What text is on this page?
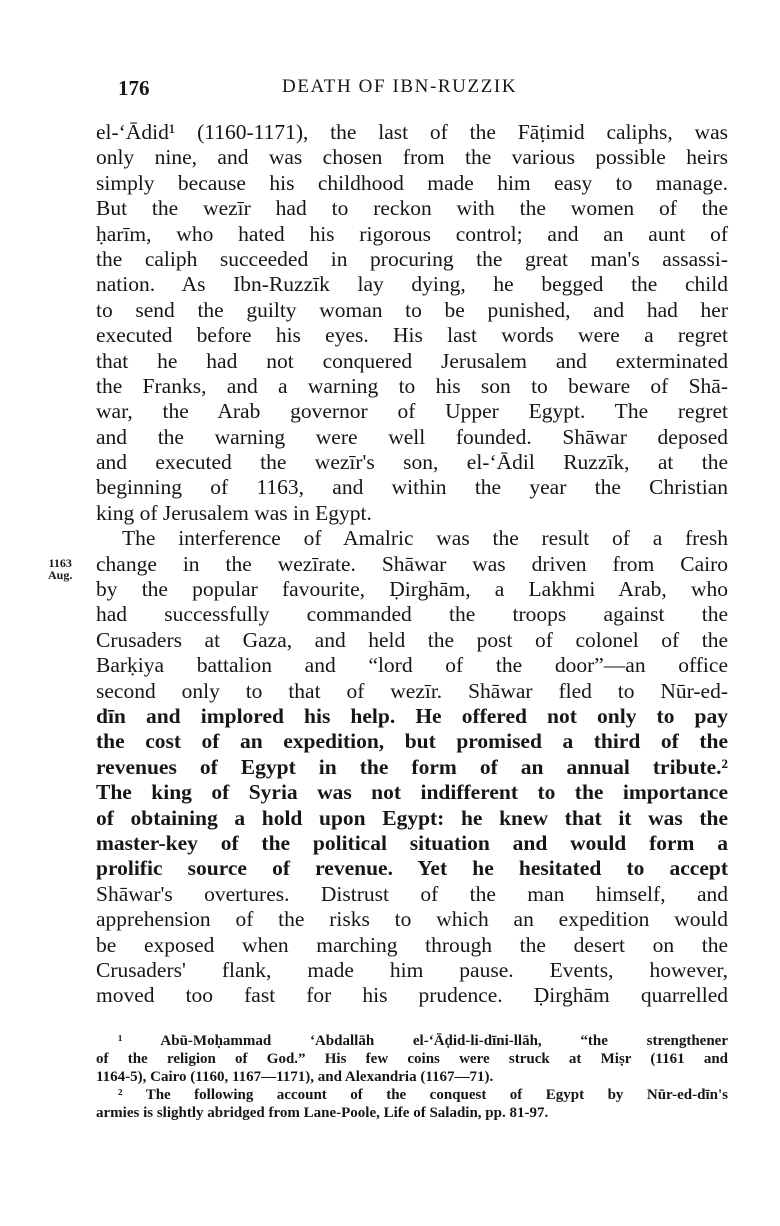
176	DEATH OF IBN-RUZZIK
1163
Aug.
el-‘Ādid¹ (1160-1171), the last of the Fāṭimid caliphs, was
only nine, and was chosen from the various possible heirs
simply because his childhood made him easy to manage.
But the wezīr had to reckon with the women of the
ḥarīm, who hated his rigorous control; and an aunt of
the caliph succeeded in procuring the great man's assassi-
nation. As Ibn-Ruzzīk lay dying, he begged the child
to send the guilty woman to be punished, and had her
executed before his eyes. His last words were a regret
that he had not conquered Jerusalem and exterminated
the Franks, and a warning to his son to beware of Shā-
war, the Arab governor of Upper Egypt. The regret
and the warning were well founded. Shāwar deposed
and executed the wezīr's son, el-‘Ādil Ruzzīk, at the
beginning of 1163, and within the year the Christian
king of Jerusalem was in Egypt.
The interference of Amalric was the result of a fresh
change in the wezīrate. Shāwar was driven from Cairo
by the popular favourite, Ḍirghām, a Lakhmi Arab, who
had successfully commanded the troops against the
Crusaders at Gaza, and held the post of colonel of the
Barḳiya battalion and “lord of the door”—an office
second only to that of wezīr. Shāwar fled to Nūr-ed-
dīn and implored his help. He offered not only to pay
the cost of an expedition, but promised a third of the
revenues of Egypt in the form of an annual tribute.²
The king of Syria was not indifferent to the importance
of obtaining a hold upon Egypt: he knew that it was the
master-key of the political situation and would form a
prolific source of revenue. Yet he hesitated to accept
Shāwar's overtures. Distrust of the man himself, and
apprehension of the risks to which an expedition would
be exposed when marching through the desert on the
Crusaders' flank, made him pause. Events, however,
moved too fast for his prudence. Ḍirghām quarrelled
¹ Abū-Moḥammad ‘Abdallāh el-‘Āḍid-li-dīni-llāh, “the strengthener
of the religion of God.” His few coins were struck at Miṣr (1161 and
1164-5), Cairo (1160, 1167—1171), and Alexandria (1167—71).
² The following account of the conquest of Egypt by Nūr-ed-dīn's
armies is slightly abridged from Lane-Poole, Life of Saladin, pp. 81-97.
